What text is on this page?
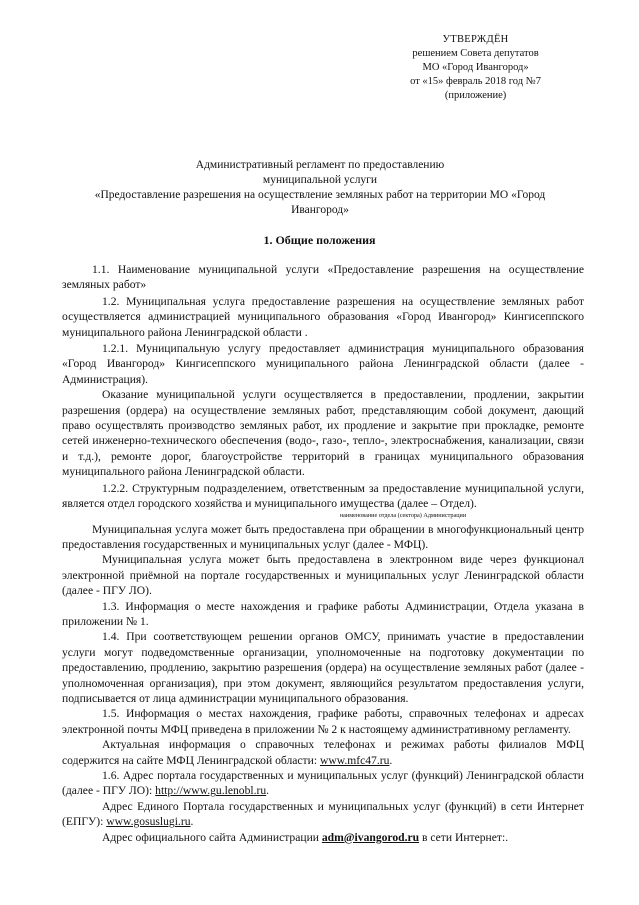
УТВЕРЖДЁН
решением Совета депутатов
МО «Город Ивангород»
от «15» февраль 2018 год №7
(приложение)
Административный регламент по предоставлению
муниципальной услуги
«Предоставление разрешения на осуществление земляных работ на территории МО «Город
Ивангород»
1. Общие положения

1.1. Наименование муниципальной услуги «Предоставление разрешения на осуществление земляных работ»

1.2. Муниципальная услуга предоставление разрешения на осуществление земляных работ осуществляется администрацией муниципального образования «Город Ивангород» Кингисеппского муниципального района Ленинградской области .

1.2.1. Муниципальную услугу предоставляет администрация муниципального образования «Город Ивангород» Кингисеппского муниципального района Ленинградской области (далее - Администрация).

Оказание муниципальной услуги осуществляется в предоставлении, продлении, закрытии разрешения (ордера) на осуществление земляных работ, представляющим собой документ, дающий право осуществлять производство земляных работ, их продление и закрытие при прокладке, ремонте сетей инженерно-технического обеспечения (водо-, газо-, тепло-, электроснабжения, канализации, связи и т.д.), ремонте дорог, благоустройстве территорий в границах муниципального образования муниципального района Ленинградской области.

1.2.2. Структурным подразделением, ответственным за предоставление муниципальной услуги, является отдел городского хозяйства и муниципального имущества (далее – Отдел).

наименование отдела (сектора) Администрации

Муниципальная услуга может быть предоставлена при обращении в многофункциональный центр предоставления государственных и муниципальных услуг (далее - МФЦ).

Муниципальная услуга может быть предоставлена в электронном виде через функционал электронной приёмной на портале государственных и муниципальных услуг Ленинградской области (далее - ПГУ ЛО).

1.3. Информация о месте нахождения и графике работы Администрации, Отдела указана в приложении № 1.

1.4. При соответствующем решении органов ОМСУ, принимать участие в предоставлении услуги могут подведомственные организации, уполномоченные на подготовку документации по предоставлению, продлению, закрытию разрешения (ордера) на осуществление земляных работ (далее - уполномоченная организация), при этом документ, являющийся результатом предоставления услуги, подписывается от лица администрации муниципального образования.

1.5. Информация о местах нахождения, графике работы, справочных телефонах и адресах электронной почты МФЦ приведена в приложении № 2 к настоящему административному регламенту.

Актуальная информация о справочных телефонах и режимах работы филиалов МФЦ содержится на сайте МФЦ Ленинградской области: www.mfc47.ru.

1.6. Адрес портала государственных и муниципальных услуг (функций) Ленинградской области (далее - ПГУ ЛО): http://www.gu.lenobl.ru.

Адрес Единого Портала государственных и муниципальных услуг (функций) в сети Интернет (ЕПГУ): www.gosuslugi.ru.

Адрес официального сайта Администрации adm@ivangorod.ru в сети Интернет:.
